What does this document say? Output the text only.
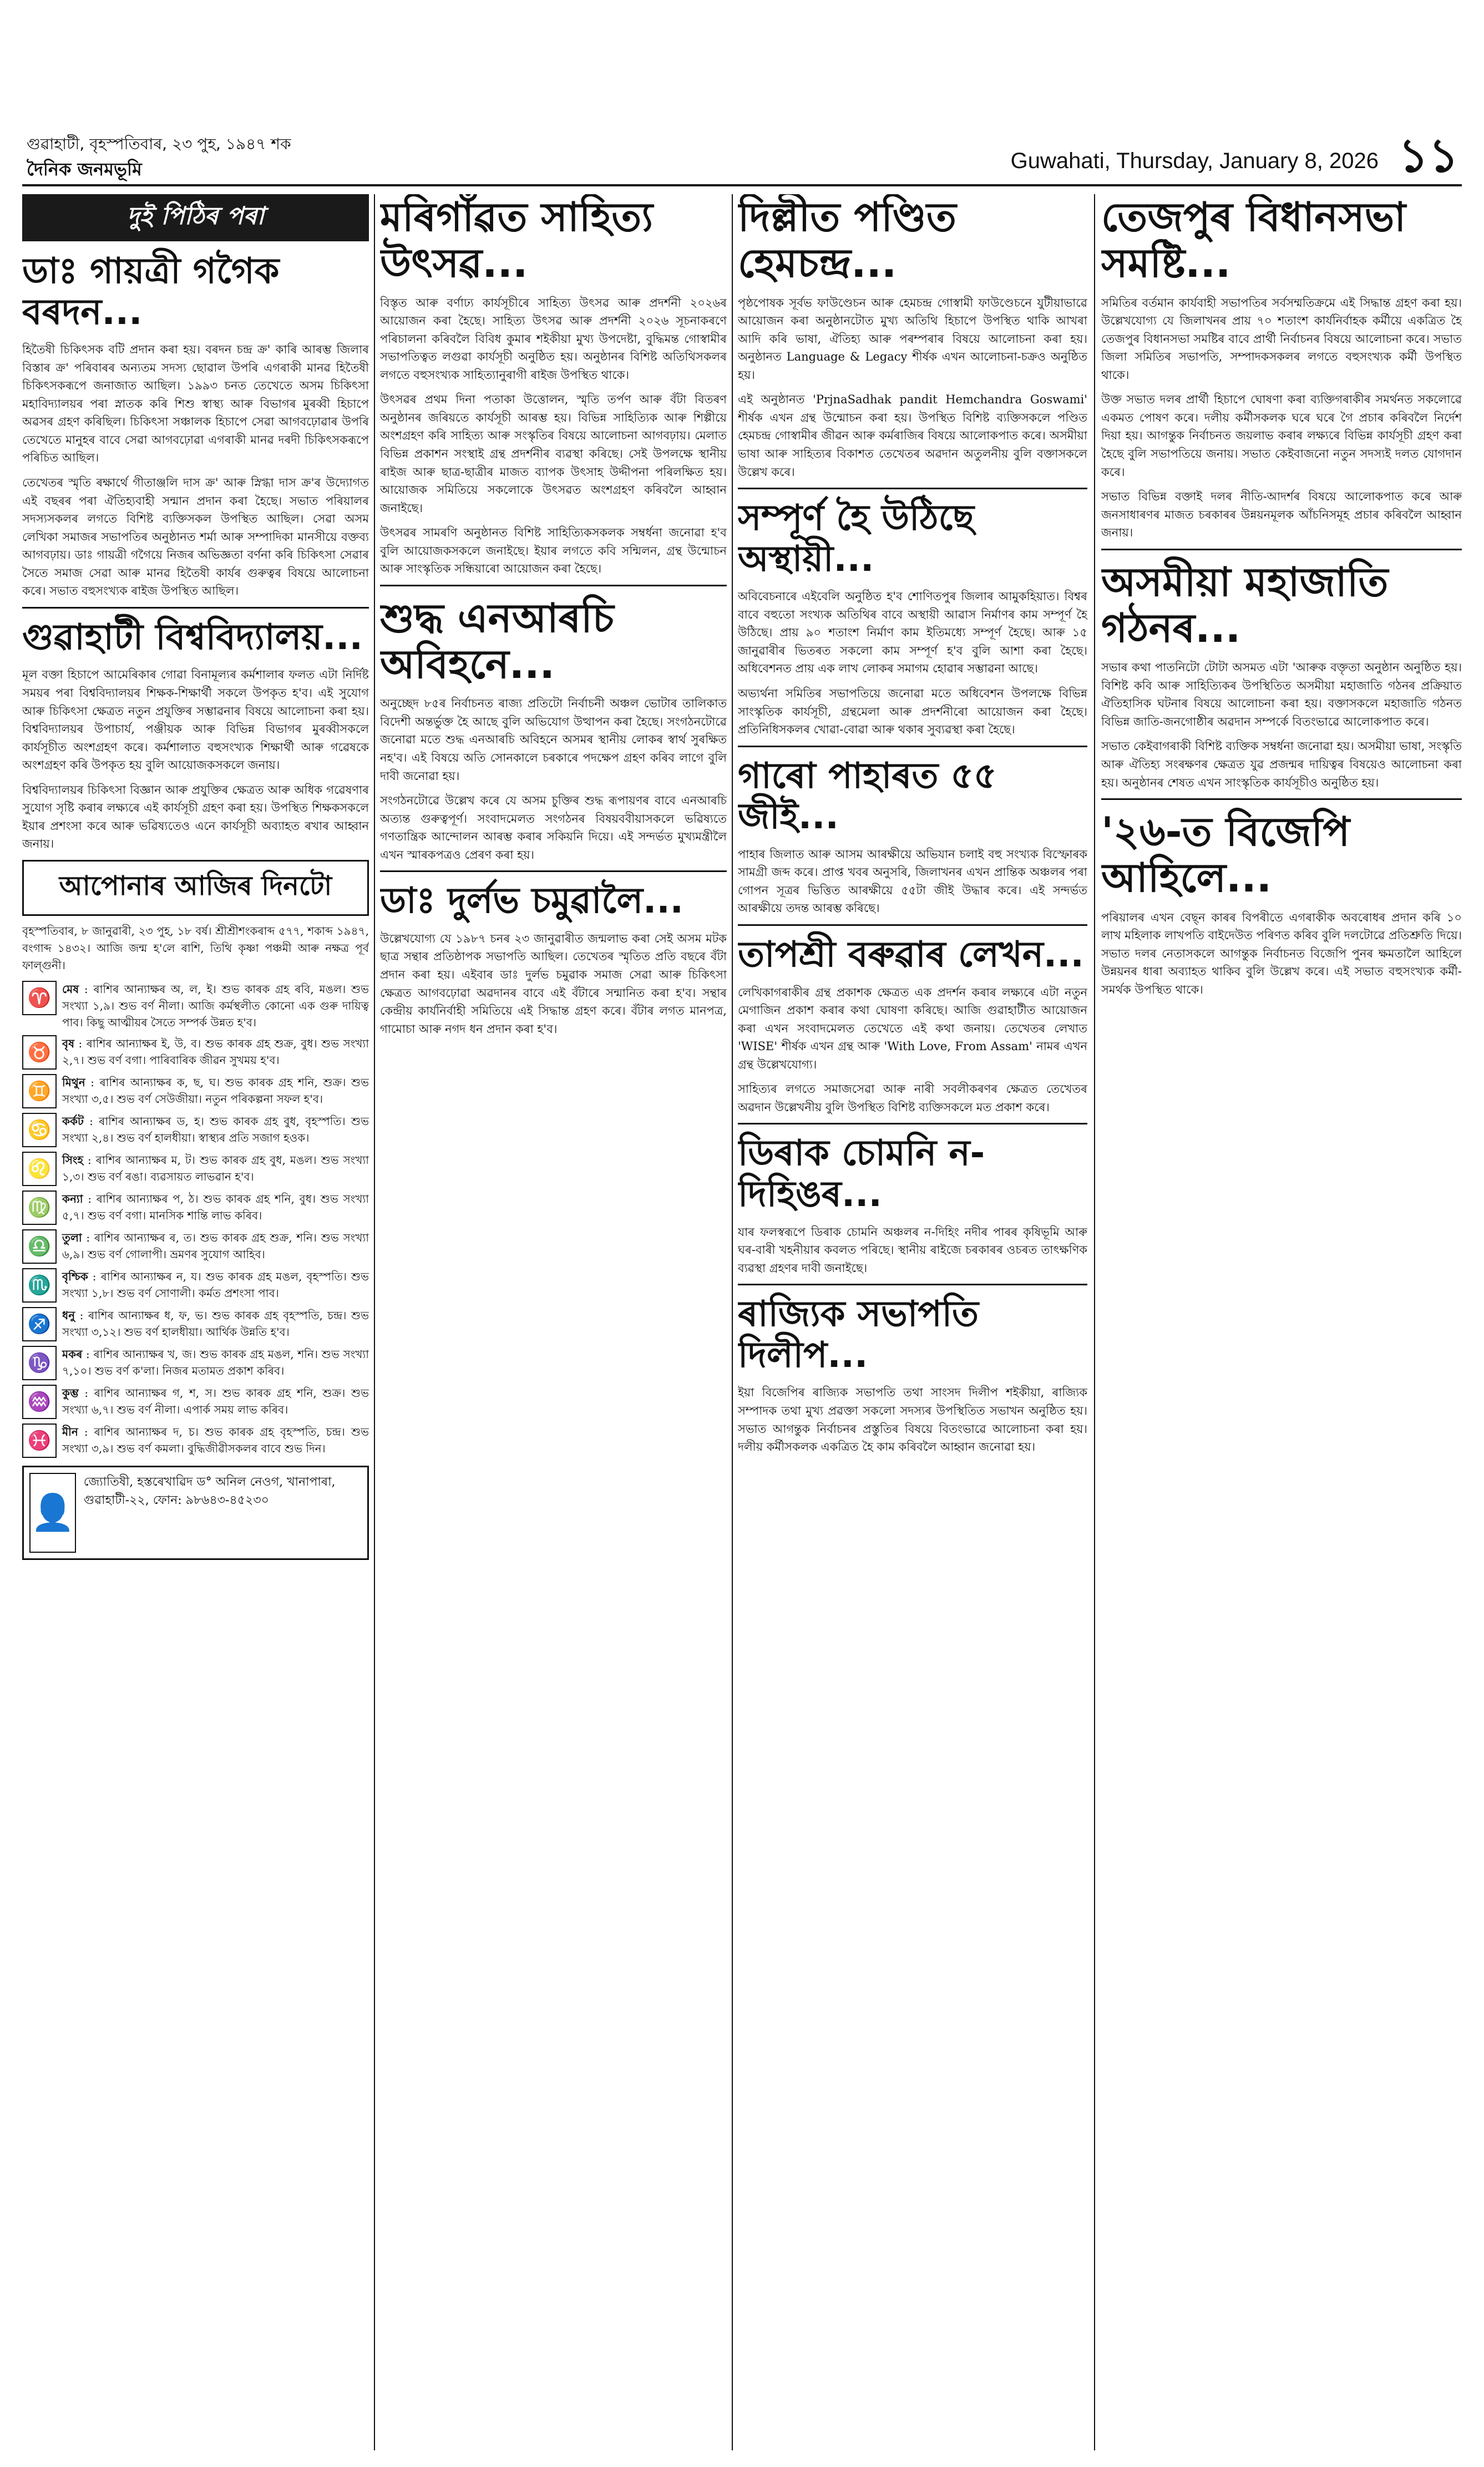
গুৱাহাটী, বৃহস্পতিবাৰ, ২৩ পুহ, ১৯৪৭ শক
দৈনিক জনমভূমি	Guwahati, Thursday, January 8, 2026 ১১
দুই পিঠিৰ পৰা
ডাঃ গায়ত্ৰী গগৈক বৰদন...

হিতৈষী চিকিৎসক বটি প্ৰদান কৰা হয়। বৰদন চন্দ্ৰ ক্ৰ' কাৰি আৰম্ভ জিলাৰ বিস্তাৰ ক্ৰ' পৰিবাৰৰ অন্যতম সদস্য ছোৱাল উপৰি এগৰাকী মানৱ হিতৈষী চিকিৎসকৰূপে জনাজাত আছিল। ১৯৯৩ চনত তেখেতে অসম চিকিৎসা মহাবিদ্যালয়ৰ পৰা স্নাতক কৰি শিশু স্বাস্থ্য আৰু বিভাগৰ মুৰব্বী হিচাপে অৱসৰ গ্ৰহণ কৰিছিল। চিকিৎসা সঞ্চালক হিচাপে সেৱা আগবঢ়োৱাৰ উপৰি তেখেতে মানুহৰ বাবে সেৱা আগবঢ়োৱা এগৰাকী মানৱ দৰদী চিকিৎসকৰূপে পৰিচিত আছিল।

তেখেতৰ স্মৃতি ৰক্ষাৰ্থে গীতাঞ্জলি দাস ক্ৰ' আৰু স্নিগ্ধা দাস ক্ৰ'ৰ উদ্যোগত এই বছৰৰ পৰা ঐতিহ্যবাহী সন্মান প্ৰদান কৰা হৈছে। সভাত পৰিয়ালৰ সদস্যসকলৰ লগতে বিশিষ্ট ব্যক্তিসকল উপস্থিত আছিল। সেৱা অসম লেখিকা সমাজৰ সভাপতিৰ অনুষ্ঠানত শৰ্মা আৰু সম্পাদিকা মানসীয়ে বক্তব্য আগবঢ়ায়। ডাঃ গায়ত্ৰী গগৈয়ে নিজৰ অভিজ্ঞতা বৰ্ণনা কৰি চিকিৎসা সেৱাৰ সৈতে সমাজ সেৱা আৰু মানৱ হিতৈষী কাৰ্যৰ গুৰুত্বৰ বিষয়ে আলোচনা কৰে। সভাত বহুসংখ্যক ৰাইজ উপস্থিত আছিল।

গুৱাহাটী বিশ্ববিদ্যালয়...

মূল বক্তা হিচাপে আমেৰিকাৰ গোৱা বিনামূল্যৰ কৰ্মশালাৰ ফলত এটা নিৰ্দিষ্ট সময়ৰ পৰা বিশ্ববিদ্যালয়ৰ শিক্ষক-শিক্ষাৰ্থী সকলে উপকৃত হ'ব। এই সুযোগ আৰু চিকিৎসা ক্ষেত্ৰত নতুন প্ৰযুক্তিৰ সম্ভাৱনাৰ বিষয়ে আলোচনা কৰা হয়। বিশ্ববিদ্যালয়ৰ উপাচাৰ্য, পঞ্জীয়ক আৰু বিভিন্ন বিভাগৰ মুৰব্বীসকলে কাৰ্যসূচীত অংশগ্ৰহণ কৰে। কৰ্মশালাত বহুসংখ্যক শিক্ষাৰ্থী আৰু গৱেষকে অংশগ্ৰহণ কৰি উপকৃত হয় বুলি আয়োজকসকলে জনায়।

বিশ্ববিদ্যালয়ৰ চিকিৎসা বিজ্ঞান আৰু প্ৰযুক্তিৰ ক্ষেত্ৰত আৰু অধিক গৱেষণাৰ সুযোগ সৃষ্টি কৰাৰ লক্ষ্যৰে এই কাৰ্যসূচী গ্ৰহণ কৰা হয়। উপস্থিত শিক্ষকসকলে ইয়াৰ প্ৰশংসা কৰে আৰু ভৱিষ্যতেও এনে কাৰ্যসূচী অব্যাহত ৰখাৰ আহ্বান জনায়।

আপোনাৰ আজিৰ দিনটো

বৃহস্পতিবাৰ, ৮ জানুৱাৰী, ২৩ পুহ, ১৮ বৰ্ষ। শ্ৰীশ্ৰীশংকৰাব্দ ৫৭৭, শকাব্দ ১৯৪৭, বংগাব্দ ১৪৩২। আজি জন্ম হ'লে ৰাশি, তিথি কৃষ্ণা পঞ্চমী আৰু নক্ষত্ৰ পূৰ্ব ফাল্গুনী।

♈ মেষ : ৰাশিৰ আন্যাক্ষৰ অ, ল, ই। শুভ কাৰক গ্ৰহ ৰবি, মঙল। শুভ সংখ্যা ১,৯। শুভ বৰ্ণ নীলা। আজি কৰ্মস্থলীত কোনো এক গুৰু দায়িত্ব পাব। কিছু আত্মীয়ৰ সৈতে সম্পৰ্ক উন্নত হ'ব।
♉ বৃষ : ৰাশিৰ আন্যাক্ষৰ ই, উ, ব। শুভ কাৰক গ্ৰহ শুক্ৰ, বুধ। শুভ সংখ্যা ২,৭। শুভ বৰ্ণ বগা। পাৰিবাৰিক জীৱন সুখময় হ'ব।
♊ মিথুন : ৰাশিৰ আন্যাক্ষৰ ক, ছ, ঘ। শুভ কাৰক গ্ৰহ শনি, শুক্ৰ। শুভ সংখ্যা ৩,৫। শুভ বৰ্ণ সেউজীয়া। নতুন পৰিকল্পনা সফল হ'ব।
♋ কৰ্কট : ৰাশিৰ আন্যাক্ষৰ ড, হ। শুভ কাৰক গ্ৰহ বুধ, বৃহস্পতি। শুভ সংখ্যা ২,৪। শুভ বৰ্ণ হালধীয়া। স্বাস্থ্যৰ প্ৰতি সজাগ হওক।
♌ সিংহ : ৰাশিৰ আন্যাক্ষৰ ম, ট। শুভ কাৰক গ্ৰহ বুধ, মঙল। শুভ সংখ্যা ১,৩। শুভ বৰ্ণ ৰঙা। ব্যৱসায়ত লাভৱান হ'ব।
♍ কন্যা : ৰাশিৰ আন্যাক্ষৰ প, ঠ। শুভ কাৰক গ্ৰহ শনি, বুধ। শুভ সংখ্যা ৫,৭। শুভ বৰ্ণ বগা। মানসিক শান্তি লাভ কৰিব।
♎ তুলা : ৰাশিৰ আন্যাক্ষৰ ৰ, ত। শুভ কাৰক গ্ৰহ শুক্ৰ, শনি। শুভ সংখ্যা ৬,৯। শুভ বৰ্ণ গোলাপী। ভ্ৰমণৰ সুযোগ আহিব।
♏ বৃশ্চিক : ৰাশিৰ আন্যাক্ষৰ ন, য। শুভ কাৰক গ্ৰহ মঙল, বৃহস্পতি। শুভ সংখ্যা ১,৮। শুভ বৰ্ণ সোণালী। কৰ্মত প্ৰশংসা পাব।
♐ ধনু : ৰাশিৰ আন্যাক্ষৰ ধ, ফ, ভ। শুভ কাৰক গ্ৰহ বৃহস্পতি, চন্দ্ৰ। শুভ সংখ্যা ৩,১২। শুভ বৰ্ণ হালধীয়া। আৰ্থিক উন্নতি হ'ব।
♑ মকৰ : ৰাশিৰ আন্যাক্ষৰ খ, জ। শুভ কাৰক গ্ৰহ মঙল, শনি। শুভ সংখ্যা ৭,১০। শুভ বৰ্ণ ক'লা। নিজৰ মতামত প্ৰকাশ কৰিব।
♒ কুম্ভ : ৰাশিৰ আন্যাক্ষৰ গ, শ, স। শুভ কাৰক গ্ৰহ শনি, শুক্ৰ। শুভ সংখ্যা ৬,৭। শুভ বৰ্ণ নীলা। এপাৰ্ক সময় লাভ কৰিব।
♓ মীন : ৰাশিৰ আন্যাক্ষৰ দ, চ। শুভ কাৰক গ্ৰহ বৃহস্পতি, চন্দ্ৰ। শুভ সংখ্যা ৩,৯। শুভ বৰ্ণ কমলা। বুদ্ধিজীৱীসকলৰ বাবে শুভ দিন।
👤
জ্যোতিষী, হস্তৰেখাৱিদ ড° অনিল নেওগ, খানাপাৰা, গুৱাহাটী-২২, ফোন: ৯৮৬৪৩-৪৫২৩০
মৰিগাঁৱত সাহিত্য উৎসৱ...

বিস্তৃত আৰু বৰ্ণাঢ্য কাৰ্যসূচীৰে সাহিত্য উৎসৱ আৰু প্ৰদৰ্শনী ২০২৬ৰ আয়োজন কৰা হৈছে। সাহিত্য উৎসৱ আৰু প্ৰদৰ্শনী ২০২৬ সূচনাকৰণে পৰিচালনা কৰিবলৈ বিবিধ কুমাৰ শইকীয়া মুখ্য উপদেষ্টা, বুদ্ধিমন্ত গোস্বামীৰ সভাপতিত্বত লগুৱা কাৰ্যসূচী অনুষ্ঠিত হয়। অনুষ্ঠানৰ বিশিষ্ট অতিথিসকলৰ লগতে বহুসংখ্যক সাহিত্যানুৰাগী ৰাইজ উপস্থিত থাকে।

উৎসৱৰ প্ৰথম দিনা পতাকা উত্তোলন, স্মৃতি তৰ্পণ আৰু বঁটা বিতৰণ অনুষ্ঠানৰ জৰিয়তে কাৰ্যসূচী আৰম্ভ হয়। বিভিন্ন সাহিত্যিক আৰু শিল্পীয়ে অংশগ্ৰহণ কৰি সাহিত্য আৰু সংস্কৃতিৰ বিষয়ে আলোচনা আগবঢ়ায়। মেলাত বিভিন্ন প্ৰকাশন সংস্থাই গ্ৰন্থ প্ৰদৰ্শনীৰ ব্যৱস্থা কৰিছে। সেই উপলক্ষে স্থানীয় ৰাইজ আৰু ছাত্ৰ-ছাত্ৰীৰ মাজত ব্যাপক উৎসাহ উদ্দীপনা পৰিলক্ষিত হয়। আয়োজক সমিতিয়ে সকলোকে উৎসৱত অংশগ্ৰহণ কৰিবলৈ আহ্বান জনাইছে।

উৎসৱৰ সামৰণি অনুষ্ঠানত বিশিষ্ট সাহিত্যিকসকলক সম্বৰ্ধনা জনোৱা হ'ব বুলি আয়োজকসকলে জনাইছে। ইয়াৰ লগতে কবি সন্মিলন, গ্ৰন্থ উন্মোচন আৰু সাংস্কৃতিক সন্ধিয়াৰো আয়োজন কৰা হৈছে।

শুদ্ধ এনআৰচি অবিহনে...

অনুচ্ছেদ ৮৫ৰ নিৰ্বাচনত ৰাজ্য প্ৰতিটো নিৰ্বাচনী অঞ্চল ভোটাৰ তালিকাত বিদেশী অন্তৰ্ভুক্ত হৈ আছে বুলি অভিযোগ উত্থাপন কৰা হৈছে। সংগঠনটোৱে জনোৱা মতে শুদ্ধ এনআৰচি অবিহনে অসমৰ স্থানীয় লোকৰ স্বাৰ্থ সুৰক্ষিত নহ'ব। এই বিষয়ে অতি সোনকালে চৰকাৰে পদক্ষেপ গ্ৰহণ কৰিব লাগে বুলি দাবী জনোৱা হয়।

সংগঠনটোৱে উল্লেখ কৰে যে অসম চুক্তিৰ শুদ্ধ ৰূপায়ণৰ বাবে এনআৰচি অত্যন্ত গুৰুত্বপূৰ্ণ। সংবাদমেলত সংগঠনৰ বিষয়ববীয়াসকলে ভৱিষ্যতে গণতান্ত্ৰিক আন্দোলন আৰম্ভ কৰাৰ সকিয়নি দিয়ে। এই সন্দৰ্ভত মুখ্যমন্ত্ৰীলৈ এখন স্মাৰকপত্ৰও প্ৰেৰণ কৰা হয়।

ডাঃ দুৰ্লভ চমুৱালৈ...

উল্লেখযোগ্য যে ১৯৮৭ চনৰ ২৩ জানুৱাৰীত জন্মলাভ কৰা সেই অসম মটক ছাত্ৰ সন্থাৰ প্ৰতিষ্ঠাপক সভাপতি আছিল। তেখেতৰ স্মৃতিত প্ৰতি বছৰে বঁটা প্ৰদান কৰা হয়। এইবাৰ ডাঃ দুৰ্লভ চমুৱাক সমাজ সেৱা আৰু চিকিৎসা ক্ষেত্ৰত আগবঢ়োৱা অৱদানৰ বাবে এই বঁটাৰে সন্মানিত কৰা হ'ব। সন্থাৰ কেন্দ্ৰীয় কাৰ্যনিৰ্বাহী সমিতিয়ে এই সিদ্ধান্ত গ্ৰহণ কৰে। বঁটাৰ লগত মানপত্ৰ, গামোচা আৰু নগদ ধন প্ৰদান কৰা হ'ব।

দিল্লীত পণ্ডিত হেমচন্দ্ৰ...

পৃষ্ঠপোষক সূৰ্বভ ফাউণ্ডেচন আৰু হেমচন্দ্ৰ গোস্বামী ফাউণ্ডেচনে যুটীয়াভাৱে আয়োজন কৰা অনুষ্ঠানটোত মুখ্য অতিথি হিচাপে উপস্থিত থাকি আখৰা আদি কৰি ভাষা, ঐতিহ্য আৰু পৰম্পৰাৰ বিষয়ে আলোচনা কৰা হয়। অনুষ্ঠানত Language & Legacy শীৰ্ষক এখন আলোচনা-চক্ৰও অনুষ্ঠিত হয়।

এই অনুষ্ঠানত 'PrjnaSadhak pandit Hemchandra Goswami' শীৰ্ষক এখন গ্ৰন্থ উন্মোচন কৰা হয়। উপস্থিত বিশিষ্ট ব্যক্তিসকলে পণ্ডিত হেমচন্দ্ৰ গোস্বামীৰ জীৱন আৰু কৰ্মৰাজিৰ বিষয়ে আলোকপাত কৰে। অসমীয়া ভাষা আৰু সাহিত্যৰ বিকাশত তেখেতৰ অৱদান অতুলনীয় বুলি বক্তাসকলে উল্লেখ কৰে।

সম্পূৰ্ণ হৈ উঠিছে অস্থায়ী...

অবিবেচনাৰে এইবেলি অনুষ্ঠিত হ'ব শোণিতপুৰ জিলাৰ আমুকহিয়াত। বিশ্বৰ বাবে বহুতো সংখ্যক অতিথিৰ বাবে অস্থায়ী আৱাস নিৰ্মাণৰ কাম সম্পূৰ্ণ হৈ উঠিছে। প্ৰায় ৯০ শতাংশ নিৰ্মাণ কাম ইতিমধ্যে সম্পূৰ্ণ হৈছে। আৰু ১৫ জানুৱাৰীৰ ভিতৰত সকলো কাম সম্পূৰ্ণ হ'ব বুলি আশা কৰা হৈছে। অধিবেশনত প্ৰায় এক লাখ লোকৰ সমাগম হোৱাৰ সম্ভাৱনা আছে।

অভ্যৰ্থনা সমিতিৰ সভাপতিয়ে জনোৱা মতে অধিবেশন উপলক্ষে বিভিন্ন সাংস্কৃতিক কাৰ্যসূচী, গ্ৰন্থমেলা আৰু প্ৰদৰ্শনীৰো আয়োজন কৰা হৈছে। প্ৰতিনিধিসকলৰ খোৱা-বোৱা আৰু থকাৰ সুব্যৱস্থা কৰা হৈছে।

গাৰো পাহাৰত ৫৫ জীই...

পাহাৰ জিলাত আৰু আসম আৰক্ষীয়ে অভিযান চলাই বহু সংখ্যক বিস্ফোৰক সামগ্ৰী জব্দ কৰে। প্ৰাপ্ত খবৰ অনুসৰি, জিলাখনৰ এখন প্ৰান্তিক অঞ্চলৰ পৰা গোপন সূত্ৰৰ ভিত্তিত আৰক্ষীয়ে ৫৫টা জীই উদ্ধাৰ কৰে। এই সন্দৰ্ভত আৰক্ষীয়ে তদন্ত আৰম্ভ কৰিছে।

তাপশ্ৰী বৰুৱাৰ লেখন...

লেখিকাগৰাকীৰ গ্ৰন্থ প্ৰকাশক ক্ষেত্ৰত এক প্ৰদৰ্শন কৰাৰ লক্ষ্যৰে এটা নতুন মেগাজিন প্ৰকাশ কৰাৰ কথা ঘোষণা কৰিছে। আজি গুৱাহাটীত আয়োজন কৰা এখন সংবাদমেলত তেখেতে এই কথা জনায়। তেখেতৰ লেখাত 'WISE' শীৰ্ষক এখন গ্ৰন্থ আৰু 'With Love, From Assam' নামৰ এখন গ্ৰন্থ উল্লেখযোগ্য।

সাহিত্যৰ লগতে সমাজসেৱা আৰু নাৰী সবলীকৰণৰ ক্ষেত্ৰত তেখেতৰ অৱদান উল্লেখনীয় বুলি উপস্থিত বিশিষ্ট ব্যক্তিসকলে মত প্ৰকাশ কৰে।

ডিৰাক চোমনি ন-দিহিঙৰ...

যাৰ ফলস্বৰূপে ডিৰাক চোমনি অঞ্চলৰ ন-দিহিং নদীৰ পাৰৰ কৃষিভূমি আৰু ঘৰ-বাৰী খহনীয়াৰ কবলত পৰিছে। স্থানীয় ৰাইজে চৰকাৰৰ ওচৰত তাৎক্ষণিক ব্যৱস্থা গ্ৰহণৰ দাবী জনাইছে।

ৰাজ্যিক সভাপতি দিলীপ...

ইয়া বিজেপিৰ ৰাজ্যিক সভাপতি তথা সাংসদ দিলীপ শইকীয়া, ৰাজ্যিক সম্পাদক তথা মুখ্য প্ৰৱক্তা সকলো সদস্যৰ উপস্থিতিত সভাখন অনুষ্ঠিত হয়। সভাত আগন্তুক নিৰ্বাচনৰ প্ৰস্তুতিৰ বিষয়ে বিতংভাৱে আলোচনা কৰা হয়। দলীয় কৰ্মীসকলক একত্ৰিত হৈ কাম কৰিবলৈ আহ্বান জনোৱা হয়।

তেজপুৰ বিধানসভা সমষ্টি...

সমিতিৰ বৰ্তমান কাৰ্যবাহী সভাপতিৰ সৰ্বসম্মতিক্ৰমে এই সিদ্ধান্ত গ্ৰহণ কৰা হয়। উল্লেখযোগ্য যে জিলাখনৰ প্ৰায় ৭০ শতাংশ কাৰ্যনিৰ্বাহক কৰ্মীয়ে একত্ৰিত হৈ তেজপুৰ বিধানসভা সমষ্টিৰ বাবে প্ৰাৰ্থী নিৰ্বাচনৰ বিষয়ে আলোচনা কৰে। সভাত জিলা সমিতিৰ সভাপতি, সম্পাদকসকলৰ লগতে বহুসংখ্যক কৰ্মী উপস্থিত থাকে।

উক্ত সভাত দলৰ প্ৰাৰ্থী হিচাপে ঘোষণা কৰা ব্যক্তিগৰাকীৰ সমৰ্থনত সকলোৱে একমত পোষণ কৰে। দলীয় কৰ্মীসকলক ঘৰে ঘৰে গৈ প্ৰচাৰ কৰিবলৈ নিৰ্দেশ দিয়া হয়। আগন্তুক নিৰ্বাচনত জয়লাভ কৰাৰ লক্ষ্যৰে বিভিন্ন কাৰ্যসূচী গ্ৰহণ কৰা হৈছে বুলি সভাপতিয়ে জনায়। সভাত কেইবাজনো নতুন সদস্যই দলত যোগদান কৰে।

সভাত বিভিন্ন বক্তাই দলৰ নীতি-আদৰ্শৰ বিষয়ে আলোকপাত কৰে আৰু জনসাধাৰণৰ মাজত চৰকাৰৰ উন্নয়নমূলক আঁচনিসমূহ প্ৰচাৰ কৰিবলৈ আহ্বান জনায়।

অসমীয়া মহাজাতি গঠনৰ...

সভাৰ কথা পাতনিটো টোটা অসমত এটা 'আৰুক বক্তৃতা অনুষ্ঠান অনুষ্ঠিত হয়। বিশিষ্ট কবি আৰু সাহিত্যিকৰ উপস্থিতিত অসমীয়া মহাজাতি গঠনৰ প্ৰক্ৰিয়াত ঐতিহাসিক ঘটনাৰ বিষয়ে আলোচনা কৰা হয়। বক্তাসকলে মহাজাতি গঠনত বিভিন্ন জাতি-জনগোষ্ঠীৰ অৱদান সম্পৰ্কে বিতংভাৱে আলোকপাত কৰে।

সভাত কেইবাগৰাকী বিশিষ্ট ব্যক্তিক সম্বৰ্ধনা জনোৱা হয়। অসমীয়া ভাষা, সংস্কৃতি আৰু ঐতিহ্য সংৰক্ষণৰ ক্ষেত্ৰত যুৱ প্ৰজন্মৰ দায়িত্বৰ বিষয়েও আলোচনা কৰা হয়। অনুষ্ঠানৰ শেষত এখন সাংস্কৃতিক কাৰ্যসূচীও অনুষ্ঠিত হয়।

'২৬-ত বিজেপি আহিলে...

পৰিয়ালৰ এখন বেছ্ন কাৰৰ বিপৰীতে এগৰাকীক অবৰোধৰ প্ৰদান কৰি ১০ লাখ মহিলাক লাখপতি বাইদেউত পৰিণত কৰিব বুলি দলটোৱে প্ৰতিশ্ৰুতি দিয়ে। সভাত দলৰ নেতাসকলে আগন্তুক নিৰ্বাচনত বিজেপি পুনৰ ক্ষমতালৈ আহিলে উন্নয়নৰ ধাৰা অব্যাহত থাকিব বুলি উল্লেখ কৰে। এই সভাত বহুসংখ্যক কৰ্মী-সমৰ্থক উপস্থিত থাকে।
